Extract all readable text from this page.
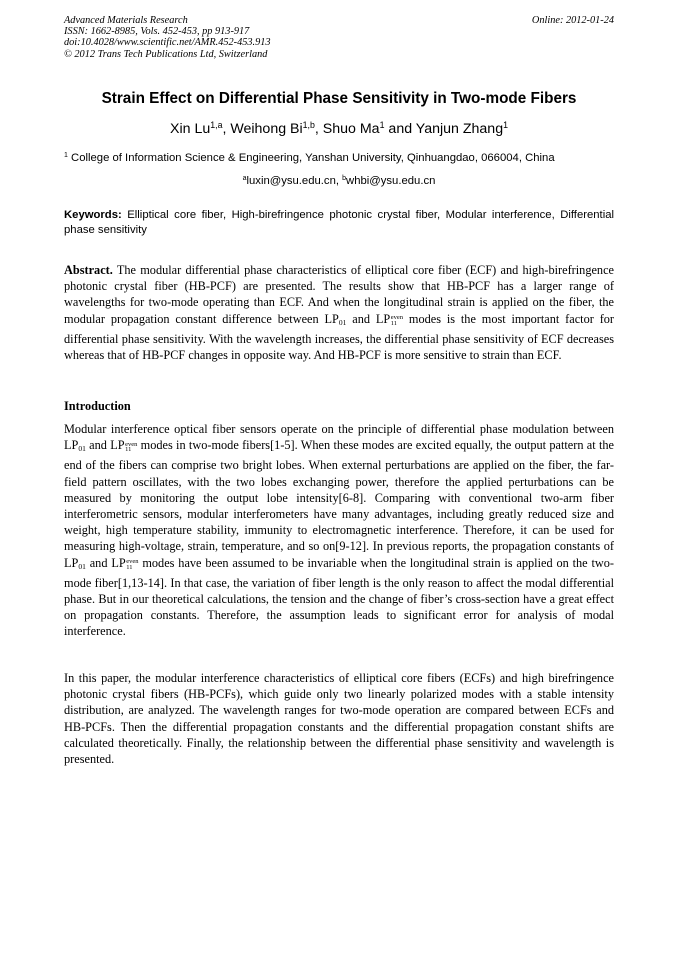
Advanced Materials Research
ISSN: 1662-8985, Vols. 452-453, pp 913-917
doi:10.4028/www.scientific.net/AMR.452-453.913
© 2012 Trans Tech Publications Ltd, Switzerland
Online: 2012-01-24
Strain Effect on Differential Phase Sensitivity in Two-mode Fibers
Xin Lu$^{1,a}$, Weihong Bi$^{1,b}$, Shuo Ma$^1$ and Yanjun Zhang$^1$
$^1$ College of Information Science & Engineering, Yanshan University, Qinhuangdao, 066004, China
$^a$luxin@ysu.edu.cn, $^b$whbi@ysu.edu.cn
Keywords: Elliptical core fiber, High-birefringence photonic crystal fiber, Modular interference, Differential phase sensitivity
Abstract. The modular differential phase characteristics of elliptical core fiber (ECF) and high-birefringence photonic crystal fiber (HB-PCF) are presented. The results show that HB-PCF has a larger range of wavelengths for two-mode operating than ECF. And when the longitudinal strain is applied on the fiber, the modular propagation constant difference between $LP_{01}$ and LP even
11 modes is the most important factor for differential phase sensitivity. With the wavelength increases, the differential phase sensitivity of ECF decreases whereas that of HB-PCF changes in opposite way. And HB-PCF is more sensitive to strain than ECF.
Introduction
Modular interference optical fiber sensors operate on the principle of differential phase modulation between $LP_{01}$ and LP even
11 modes in two-mode fibers[1-5]. When these modes are excited equally, the output pattern at the end of the fibers can comprise two bright lobes. When external perturbations are applied on the fiber, the far-field pattern oscillates, with the two lobes exchanging power, therefore the applied perturbations can be measured by monitoring the output lobe intensity[6-8]. Comparing with conventional two-arm fiber interferometric sensors, modular interferometers have many advantages, including greatly reduced size and weight, high temperature stability, immunity to electromagnetic interference. Therefore, it can be used for measuring high-voltage, strain, temperature, and so on[9-12]. In previous reports, the propagation constants of $LP_{01}$ and LP even
11 modes have been assumed to be invariable when the longitudinal strain is applied on the two-mode fiber[1,13-14]. In that case, the variation of fiber length is the only reason to affect the modal differential phase. But in our theoretical calculations, the tension and the change of fiber’s cross-section have a great effect on propagation constants. Therefore, the assumption leads to significant error for analysis of modal interference.
In this paper, the modular interference characteristics of elliptical core fibers (ECFs) and high birefringence photonic crystal fibers (HB-PCFs), which guide only two linearly polarized modes with a stable intensity distribution, are analyzed. The wavelength ranges for two-mode operation are compared between ECFs and HB-PCFs. Then the differential propagation constants and the differential propagation constant shifts are calculated theoretically. Finally, the relationship between the differential phase sensitivity and wavelength is presented.
